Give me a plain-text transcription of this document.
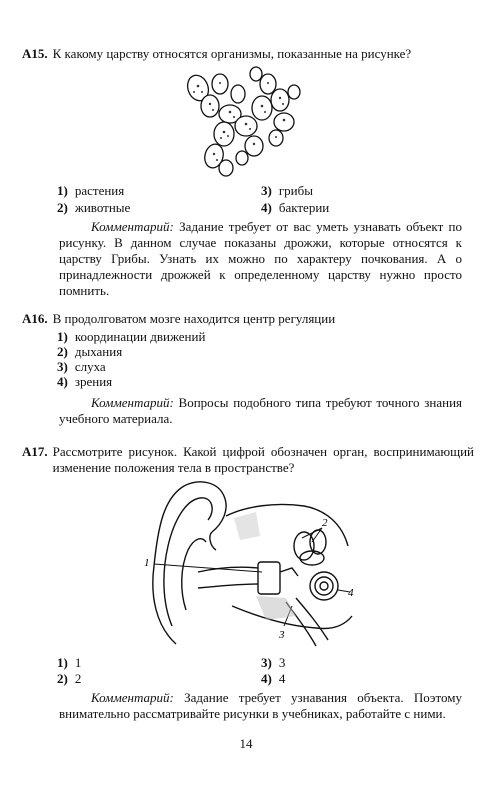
A15. К какому царству относятся организмы, показанные на рисунке?
1) растения
2) животные
3) грибы
4) бактерии
Комментарий: Задание требует от вас уметь узнавать объект по рисунку. В данном случае показаны дрожжи, которые относятся к царству Грибы. Узнать их можно по характеру почкования. А о принадлежности дрожжей к определенному царству нужно просто помнить.
A16. В продолговатом мозге находится центр регуляции
1) координации движений
2) дыхания
3) слуха
4) зрения
Комментарий: Вопросы подобного типа требуют точного знания учебного материала.
A17. Рассмотрите рисунок. Какой цифрой обозначен орган, воспринимающий изменение положения тела в пространстве?
1
2
3
4
1) 1
2) 2
3) 3
4) 4
Комментарий: Задание требует узнавания объекта. Поэтому внимательно рассматривайте рисунки в учебниках, работайте с ними.
14
